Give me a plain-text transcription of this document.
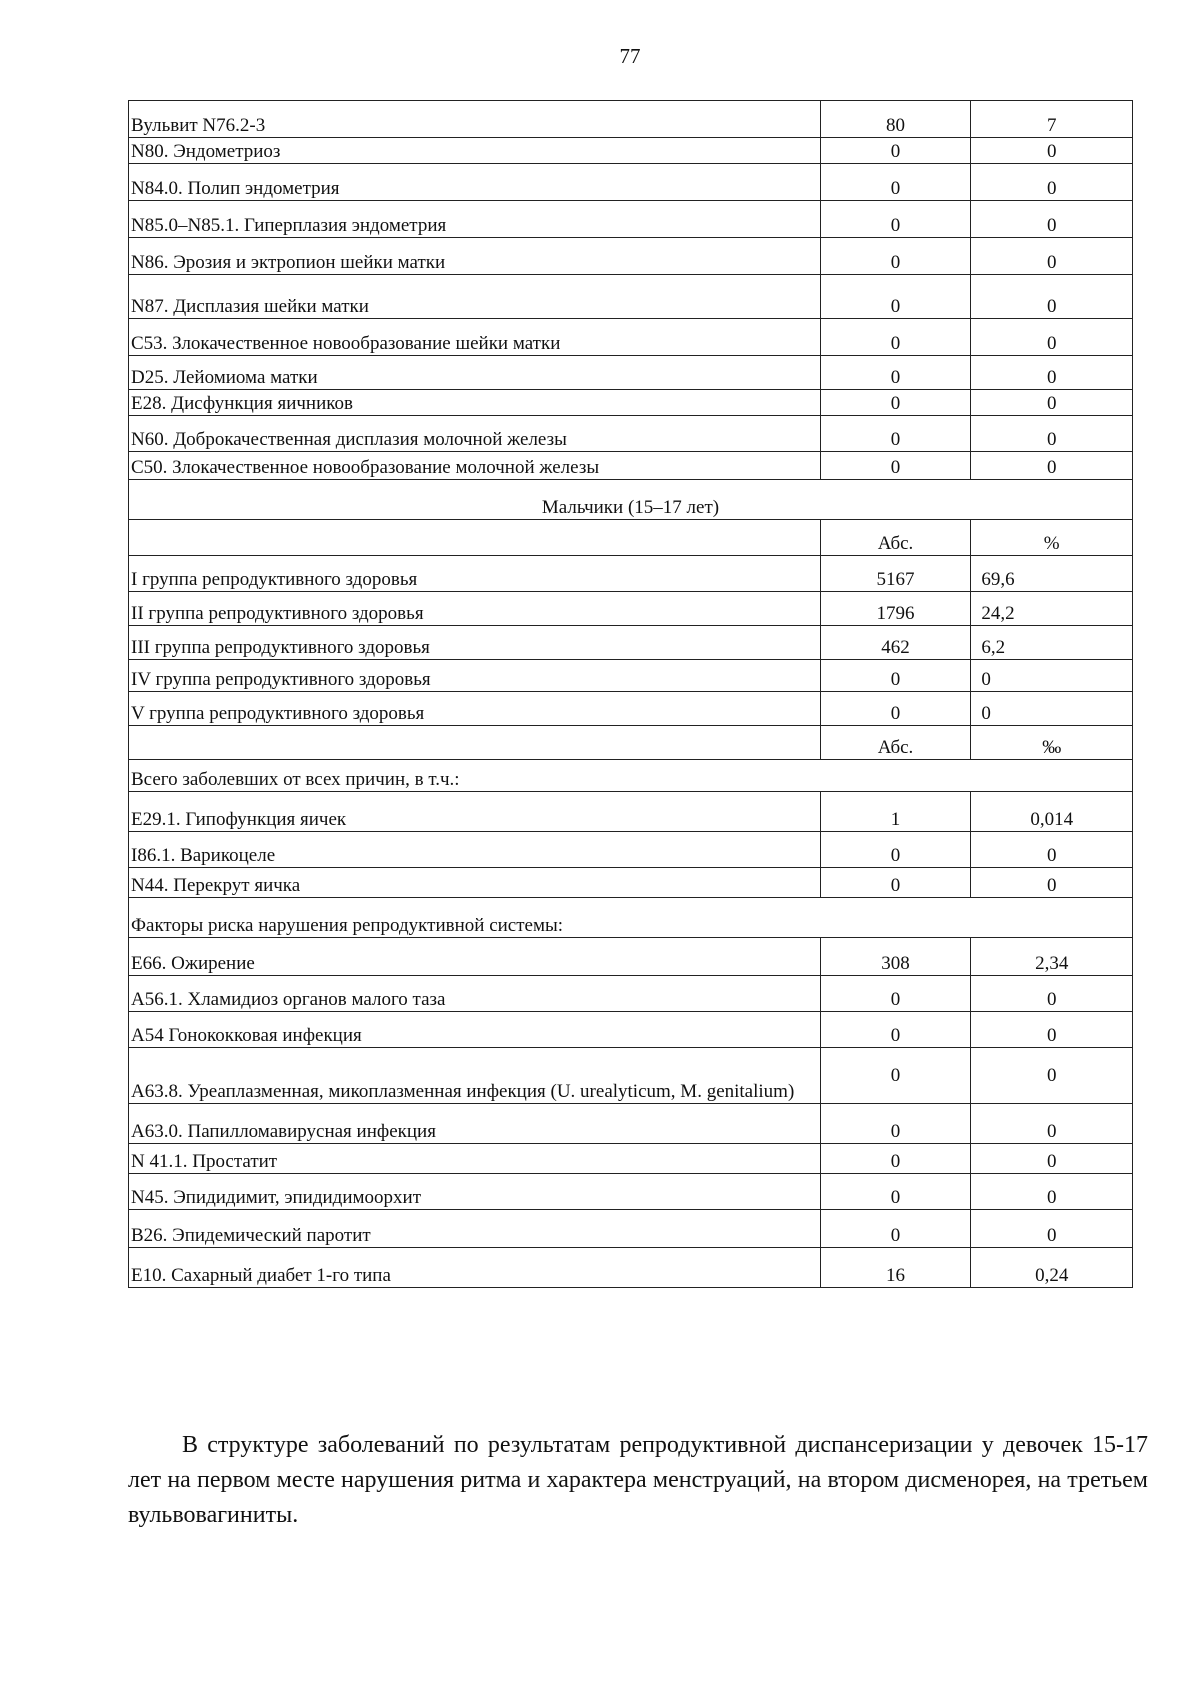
77
Вульвит N76.2-3	80	7
N80. Эндометриоз	0	0
N84.0. Полип эндометрия	0	0
N85.0–N85.1. Гиперплазия эндометрия	0	0
N86. Эрозия и эктропион шейки матки	0	0
N87. Дисплазия шейки матки	0	0
C53. Злокачественное новообразование шейки матки	0	0
D25. Лейомиома матки	0	0
E28. Дисфункция яичников	0	0
N60. Доброкачественная дисплазия молочной железы	0	0
C50. Злокачественное новообразование молочной железы	0	0
Мальчики (15–17 лет)		
	Абс.	%
I группа репродуктивного здоровья	5167	69,6
II группа репродуктивного здоровья	1796	24,2
III группа репродуктивного здоровья	462	6,2
IV группа репродуктивного здоровья	0	0
V группа репродуктивного здоровья	0	0
	Абс.	‰
Всего заболевших от всех причин, в т.ч.:		
E29.1. Гипофункция яичек	1	0,014
I86.1. Варикоцеле	0	0
N44. Перекрут яичка	0	0
Факторы риска нарушения репродуктивной системы:		
E66. Ожирение	308	2,34
A56.1. Хламидиоз органов малого таза	0	0
A54 Гонококковая инфекция	0	0
A63.8. Уреаплазменная, микоплазменная инфекция (U. urealyticum, M. genitalium)	0	0
A63.0. Папилломавирусная инфекция	0	0
N 41.1. Простатит	0	0
N45. Эпидидимит, эпидидимоорхит	0	0
B26. Эпидемический паротит	0	0
E10. Сахарный диабет 1-го типа	16	0,24

В структуре заболеваний по результатам репродуктивной диспансеризации у девочек 15-17 лет на первом месте нарушения ритма и характера менструаций, на втором дисменорея, на третьем вульвовагиниты.
